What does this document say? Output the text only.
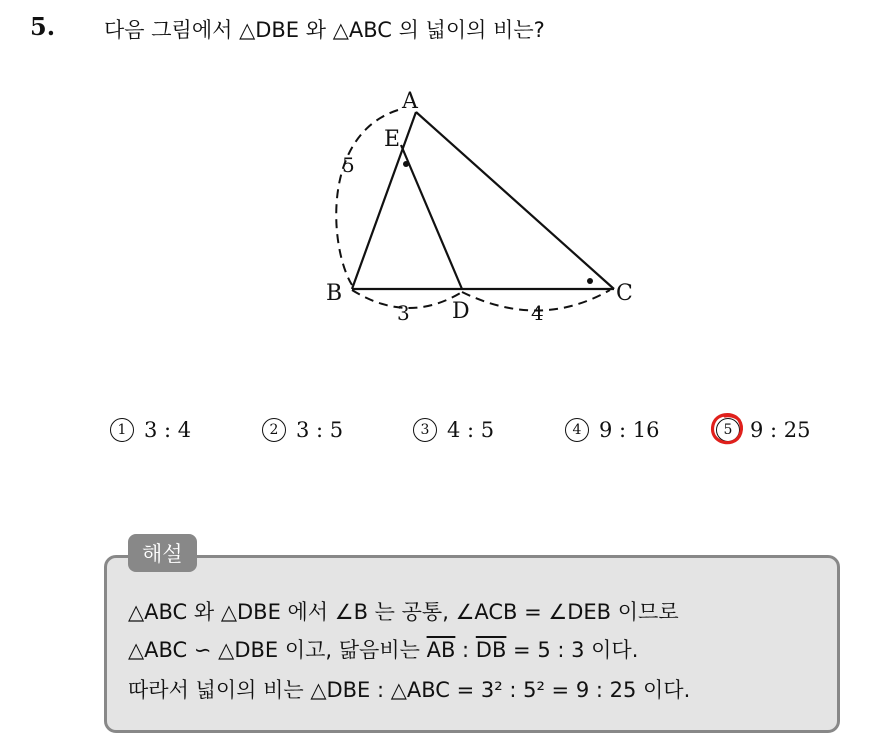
5. 다음 그림에서 △DBE 와 △ABC 의 넓이의 비는?
A
E
B	C
D
5
3	4
1 3 : 4	2 3 : 5	3 4 : 5	4 9 : 16	5 9 : 25
해설
△ABC 와 △DBE 에서 ∠B 는 공통, ∠ACB = ∠DEB 이므로
△ABC ∽ △DBE 이고, 닮음비는 $\overline{AB}$ : $\overline{DB} = 5$ : 3 이다.
따라서 넓이의 비는 △DBE : △ABC = 3² : 5² = 9 : 25 이다.
